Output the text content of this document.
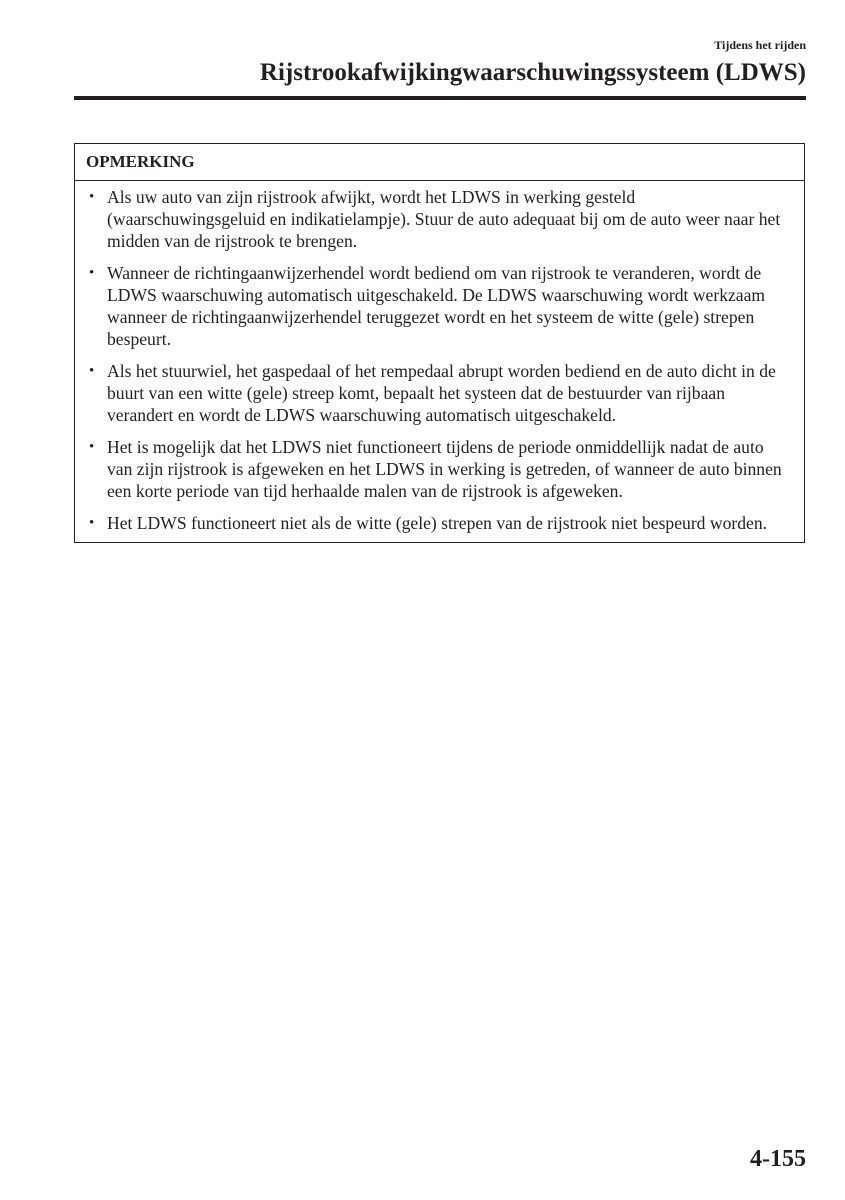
Tijdens het rijden
Rijstrookafwijkingwaarschuwingssysteem (LDWS)
OPMERKING
• Als uw auto van zijn rijstrook afwijkt, wordt het LDWS in werking gesteld (waarschuwingsgeluid en indikatielampje). Stuur de auto adequaat bij om de auto weer naar het midden van de rijstrook te brengen.
• Wanneer de richtingaanwijzerhendel wordt bediend om van rijstrook te veranderen, wordt de LDWS waarschuwing automatisch uitgeschakeld. De LDWS waarschuwing wordt werkzaam wanneer de richtingaanwijzerhendel teruggezet wordt en het systeem de witte (gele) strepen bespeurt.
• Als het stuurwiel, het gaspedaal of het rempedaal abrupt worden bediend en de auto dicht in de buurt van een witte (gele) streep komt, bepaalt het systeen dat de bestuurder van rijbaan verandert en wordt de LDWS waarschuwing automatisch uitgeschakeld.
• Het is mogelijk dat het LDWS niet functioneert tijdens de periode onmiddellijk nadat de auto van zijn rijstrook is afgeweken en het LDWS in werking is getreden, of wanneer de auto binnen een korte periode van tijd herhaalde malen van de rijstrook is afgeweken.
• Het LDWS functioneert niet als de witte (gele) strepen van de rijstrook niet bespeurd worden.
4-155
